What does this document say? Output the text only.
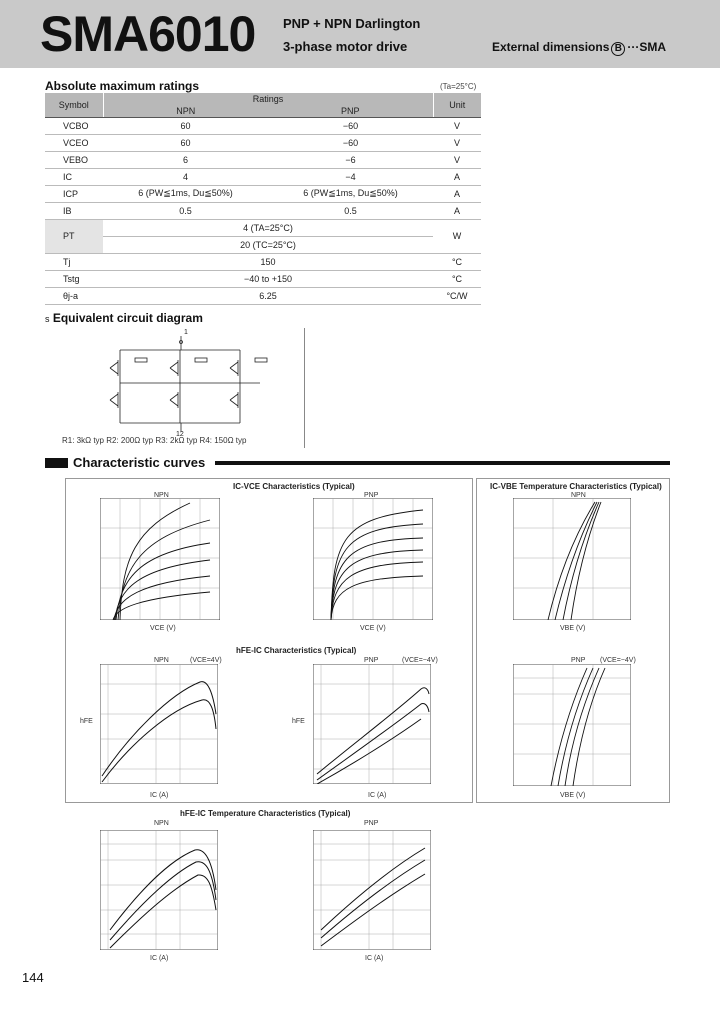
SMA6010 PNP + NPN Darlington
3-phase motor drive	External dimensions B ···SMA
Absolute maximum ratings	(Ta=25°C)
Symbol	Ratings		Unit
	NPN	PNP	
VCBO	60	−60	V
VCEO	60	−60	V
VEBO	6	−6	V
IC	4	−4	A
ICP	6 (PW≦1ms, Du≦50%)	6 (PW≦1ms, Du≦50%)	A
IB	0.5	0.5	A
PT	4 (TA=25°C)		W
	20 (TC=25°C)		
Tj	150		°C
Tstg	−40 to +150		°C
θj-a	6.25		°C/W
s Equivalent circuit diagram
1
12
R1: 3kΩ typ R2: 200Ω typ R3: 2kΩ typ R4: 150Ω typ
Characteristic curves
IC-VCE Characteristics (Typical)	IC-VBE Temperature Characteristics (Typical)
hFE-IC Characteristics (Typical)
hFE-IC Temperature Characteristics (Typical)
NPN	PNP	NPN
PNP
NPN	PNP
NPN	PNP
(VCE=4V)	(VCE=−4V)	(VCE=−4V)
VCE (V)	VCE (V)	VBE (V)
VBE (V)
IC (A)	IC (A)
IC (A)	IC (A)
hFE	hFE
144
